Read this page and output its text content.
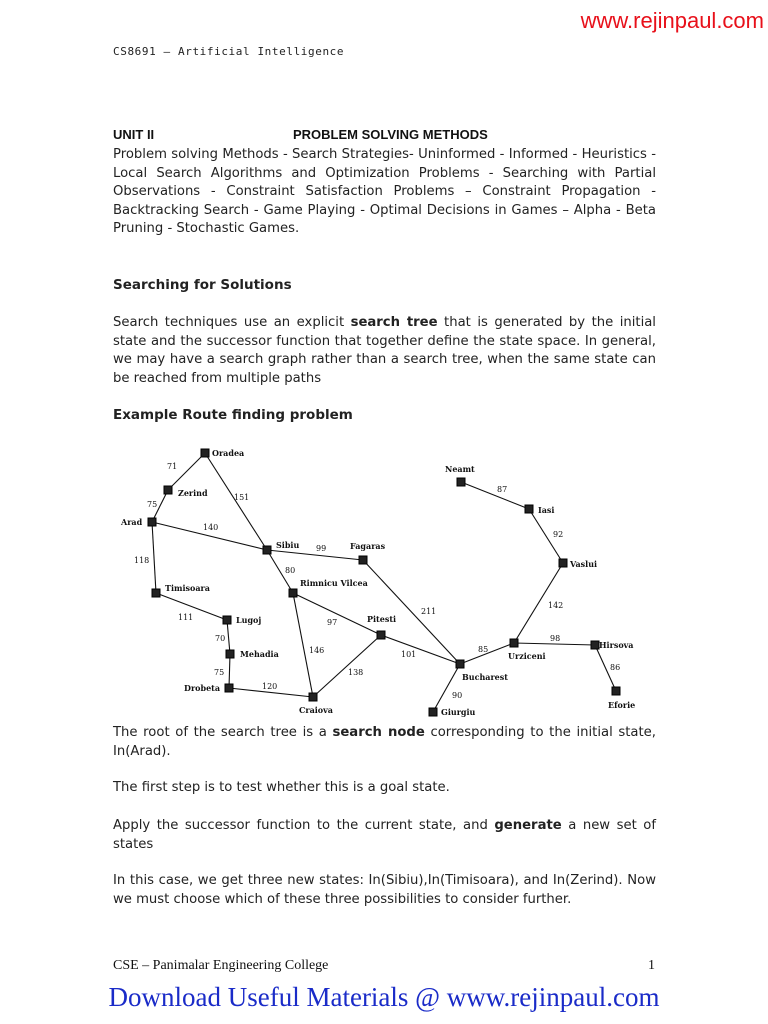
www.rejinpaul.com
CS8691 – Artificial Intelligence
UNIT II	PROBLEM SOLVING METHODS
Problem solving Methods - Search Strategies- Uninformed - Informed - Heuristics - Local Search Algorithms and Optimization Problems - Searching with Partial Observations - Constraint Satisfaction Problems – Constraint Propagation - Backtracking Search - Game Playing - Optimal Decisions in Games – Alpha - Beta Pruning - Stochastic Games.
Searching for Solutions
Search techniques use an explicit search tree that is generated by the initial state and the successor function that together define the state space. In general, we may have a search graph rather than a search tree, when the same state can be reached from multiple paths
Example Route finding problem
Oradea
Zerind
Arad
Timisoara
Lugoj
Mehadia
Drobeta
Craiova
Sibiu
Rimnicu Vilcea
Fagaras
Pitesti
Bucharest
Giurgiu
Urziceni
Hirsova
Eforie
Vaslui
Iasi
Neamt
71
75
151
140
118
111
70
75
120
99
80
97
146
138
101
211
90
85
98
86
142
92
87
The root of the search tree is a search node corresponding to the initial state, In(Arad).
The first step is to test whether this is a goal state.
Apply the successor function to the current state, and generate a new set of states
In this case, we get three new states: In(Sibiu),In(Timisoara), and In(Zerind). Now we must choose which of these three possibilities to consider further.
CSE – Panimalar Engineering College	1
Download Useful Materials @ www.rejinpaul.com
